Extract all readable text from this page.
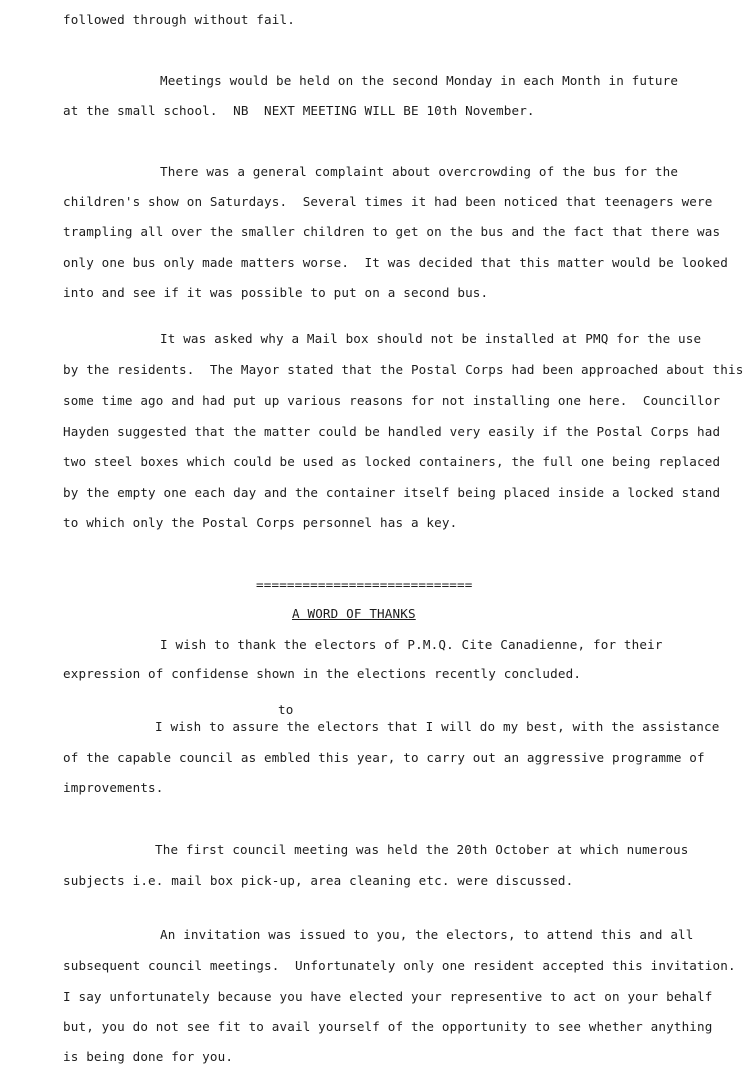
followed through without fail.
Meetings would be held on the second Monday in each Month in future
at the small school.  NB  NEXT MEETING WILL BE 10th November.
There was a general complaint about overcrowding of the bus for the
children's show on Saturdays.  Several times it had been noticed that teenagers were
trampling all over the smaller children to get on the bus and the fact that there was
only one bus only made matters worse.  It was decided that this matter would be looked
into and see if it was possible to put on a second bus.
It was asked why a Mail box should not be installed at PMQ for the use
by the residents.  The Mayor stated that the Postal Corps had been approached about this
some time ago and had put up various reasons for not installing one here.  Councillor
Hayden suggested that the matter could be handled very easily if the Postal Corps had
two steel boxes which could be used as locked containers, the full one being replaced
by the empty one each day and the container itself being placed inside a locked stand
to which only the Postal Corps personnel has a key.
============================
A WORD OF THANKS
I wish to thank the electors of P.M.Q. Cite Canadienne, for their
expression of confidense shown in the elections recently concluded.
to
I wish to assure the electors that I will do my best, with the assistance
of the capable council as embled this year, to carry out an aggressive programme of
improvements.
The first council meeting was held the 20th October at which numerous
subjects i.e. mail box pick-up, area cleaning etc. were discussed.
An invitation was issued to you, the electors, to attend this and all
subsequent council meetings.  Unfortunately only one resident accepted this invitation.
I say unfortunately because you have elected your representive to act on your behalf
but, you do not see fit to avail yourself of the opportunity to see whether anything
is being done for you.
